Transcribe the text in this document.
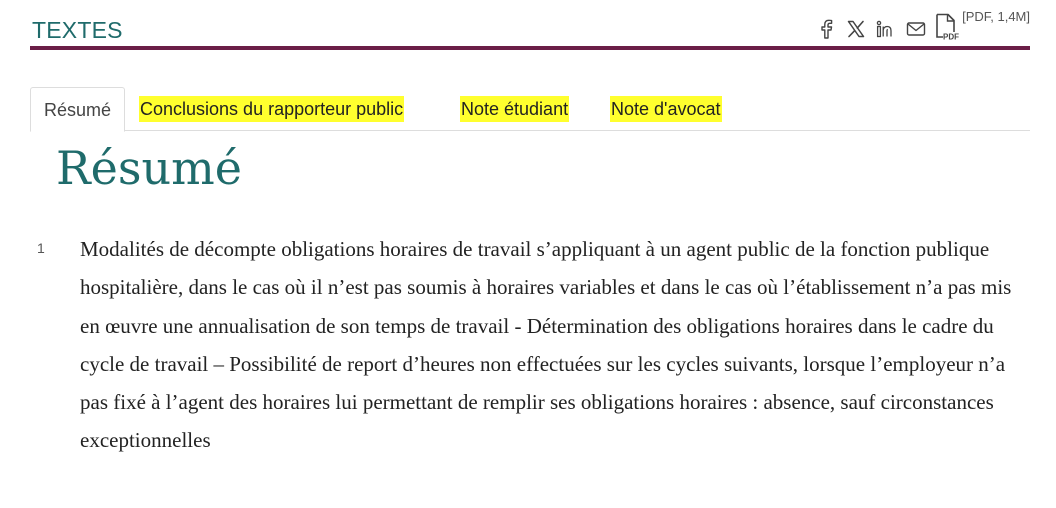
TEXTES	PDF
[PDF, 1,4M]
Résumé	Conclusions du rapporteur public	Note étudiant Note d'avocat
Résumé
1 Modalités de décompte obligations horaires de travail s’appliquant à un agent public de la fonction publique hospitalière, dans le cas où il n’est pas soumis à horaires variables et dans le cas où l’établissement n’a pas mis en œuvre une annualisation de son temps de travail - Détermination des obligations horaires dans le cadre du cycle de travail – Possibilité de report d’heures non effectuées sur les cycles suivants, lorsque l’employeur n’a pas fixé à l’agent des horaires lui permettant de remplir ses obligations horaires : absence, sauf circonstances exceptionnelles
